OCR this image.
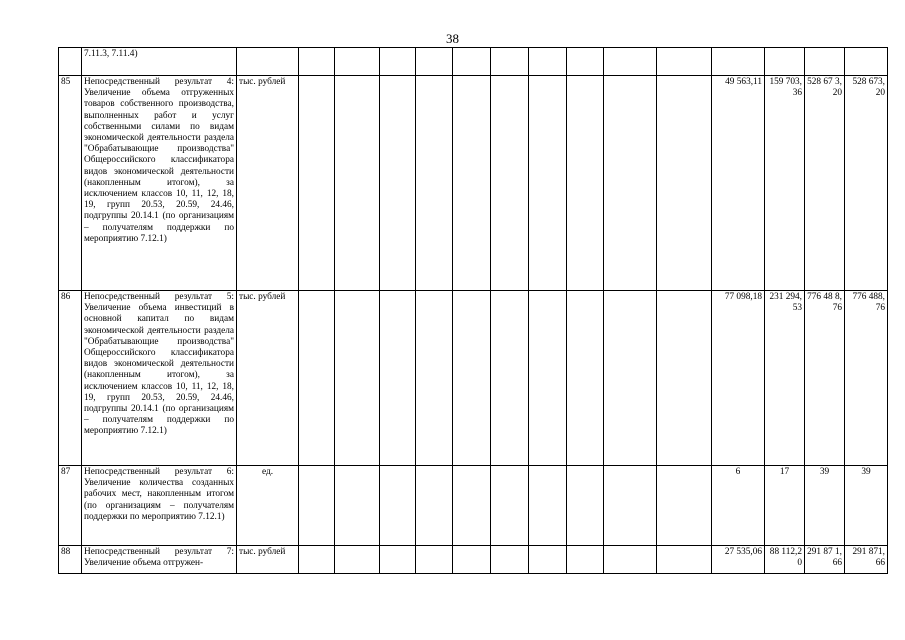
38
	7.11.3, 7.11.4)															
85	Непосредственный результат 4: Увеличение объема отгруженных товаров собственного производства, выполненных работ и услуг собственными силами по видам экономической деятельности раздела "Обрабатывающие производства" Общероссийского классификатора видов экономической деятельности (накопленным итогом), за исключением классов 10, 11, 12, 18, 19, групп 20.53, 20.59, 24.46, подгруппы 20.14.1 (по организациям – получателям поддержки по мероприятию 7.12.1)	тыс. рублей											49 563,11	159 703, 36	528 67 3,20	528 673, 20
86	Непосредственный результат 5: Увеличение объема инвестиций в основной капитал по видам экономической деятельности раздела "Обрабатывающие производства" Общероссийского классификатора видов экономической деятельности (накопленным итогом), за исключением классов 10, 11, 12, 18, 19, групп 20.53, 20.59, 24.46, подгруппы 20.14.1 (по организациям – получателям поддержки по мероприятию 7.12.1)	тыс. рублей											77 098,18	231 294, 53	776 48 8,76	776 488, 76
87	Непосредственный результат 6: Увеличение количества созданных рабочих мест, накопленным итогом (по организациям – получателям поддержки по мероприятию 7.12.1)	ед.											6	17	39	39
88	Непосредственный результат 7: Увеличение объема отгружен-	тыс. рублей											27 535,06	88 112,2 0	291 87 1,66	291 871, 66
